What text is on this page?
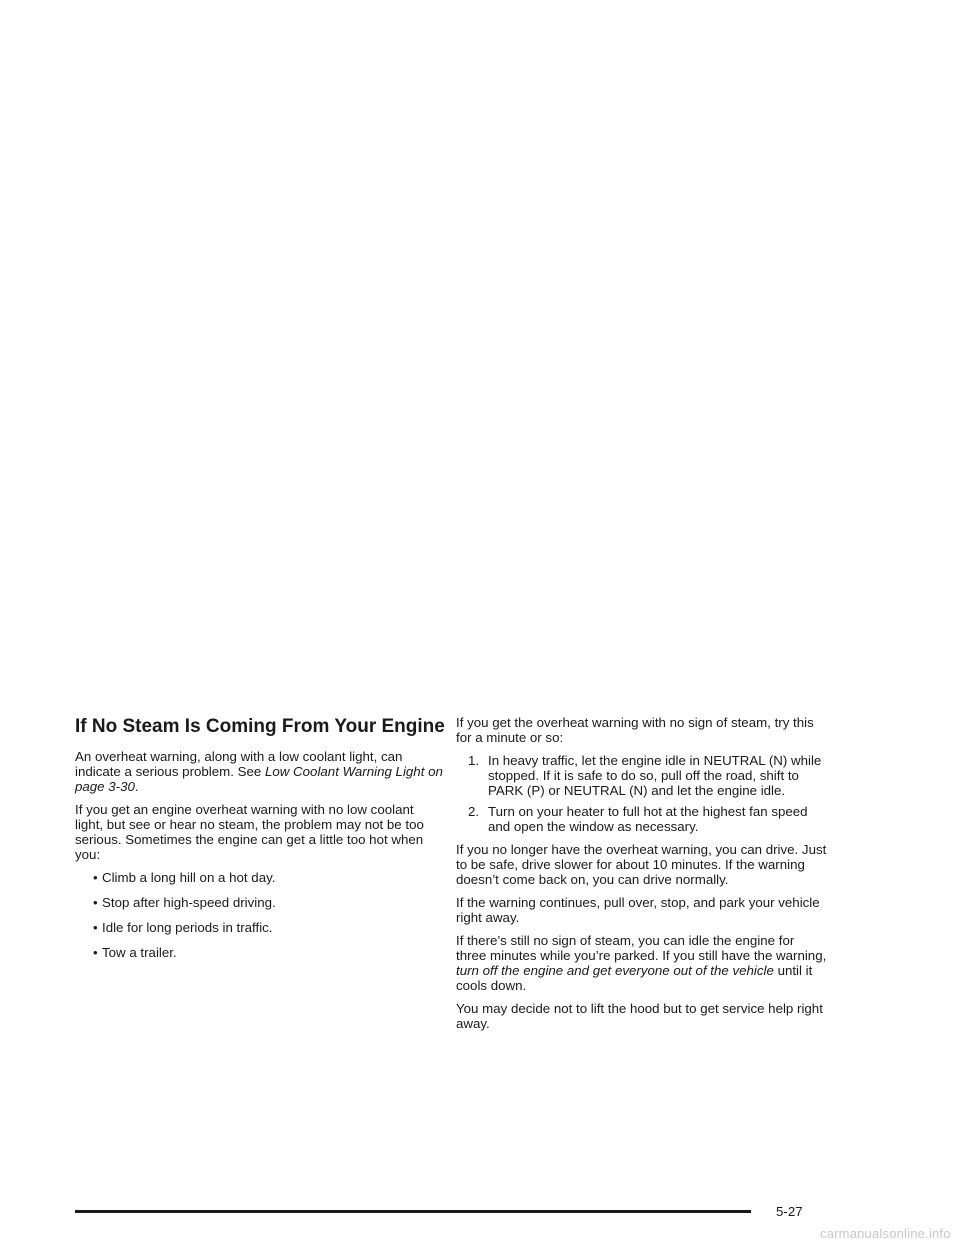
If No Steam Is Coming From Your Engine

An overheat warning, along with a low coolant light, can indicate a serious problem. See Low Coolant Warning Light on page 3-30.

If you get an engine overheat warning with no low coolant light, but see or hear no steam, the problem may not be too serious. Sometimes the engine can get a little too hot when you:

• Climb a long hill on a hot day.
• Stop after high-speed driving.
• Idle for long periods in traffic.
• Tow a trailer.

If you get the overheat warning with no sign of steam, try this for a minute or so:

1. In heavy traffic, let the engine idle in NEUTRAL (N) while stopped. If it is safe to do so, pull off the road, shift to PARK (P) or NEUTRAL (N) and let the engine idle.
2. Turn on your heater to full hot at the highest fan speed and open the window as necessary.

If you no longer have the overheat warning, you can drive. Just to be safe, drive slower for about 10 minutes. If the warning doesn’t come back on, you can drive normally.

If the warning continues, pull over, stop, and park your vehicle right away.

If there’s still no sign of steam, you can idle the engine for three minutes while you’re parked. If you still have the warning, turn off the engine and get everyone out of the vehicle until it cools down.

You may decide not to lift the hood but to get service help right away.

5-27
carmanualsonline.info
